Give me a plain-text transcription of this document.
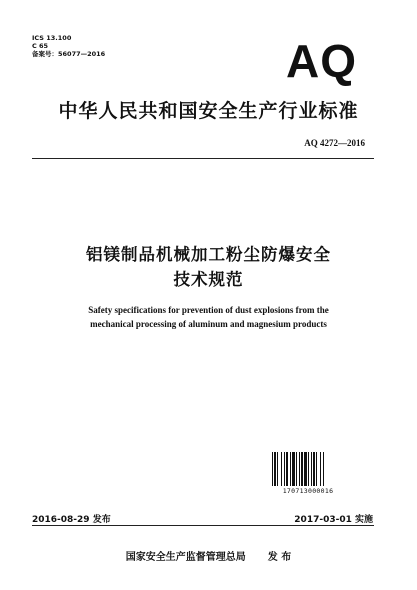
ICS 13.100
C 65
备案号：56077—2016	AQ
中华人民共和国安全生产行业标准
AQ 4272—2016
铝镁制品机械加工粉尘防爆安全
技术规范
Safety specifications for prevention of dust explosions from the
mechanical processing of aluminum and magnesium products
170713000016
2016-08-29 发布	2017-03-01 实施
国家安全生产监督管理总局 发 布
